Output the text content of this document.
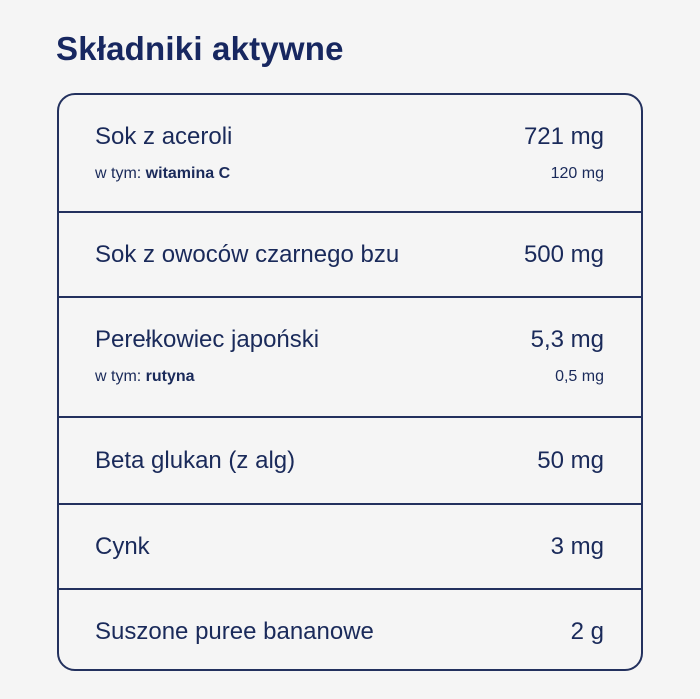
Składniki aktywne
Sok z aceroli	721 mg
w tym: witamina C	120 mg
Sok z owoców czarnego bzu	500 mg
Perełkowiec japoński	5,3 mg
w tym: rutyna	0,5 mg
Beta glukan (z alg)	50 mg
Cynk	3 mg
Suszone puree bananowe	2 g
